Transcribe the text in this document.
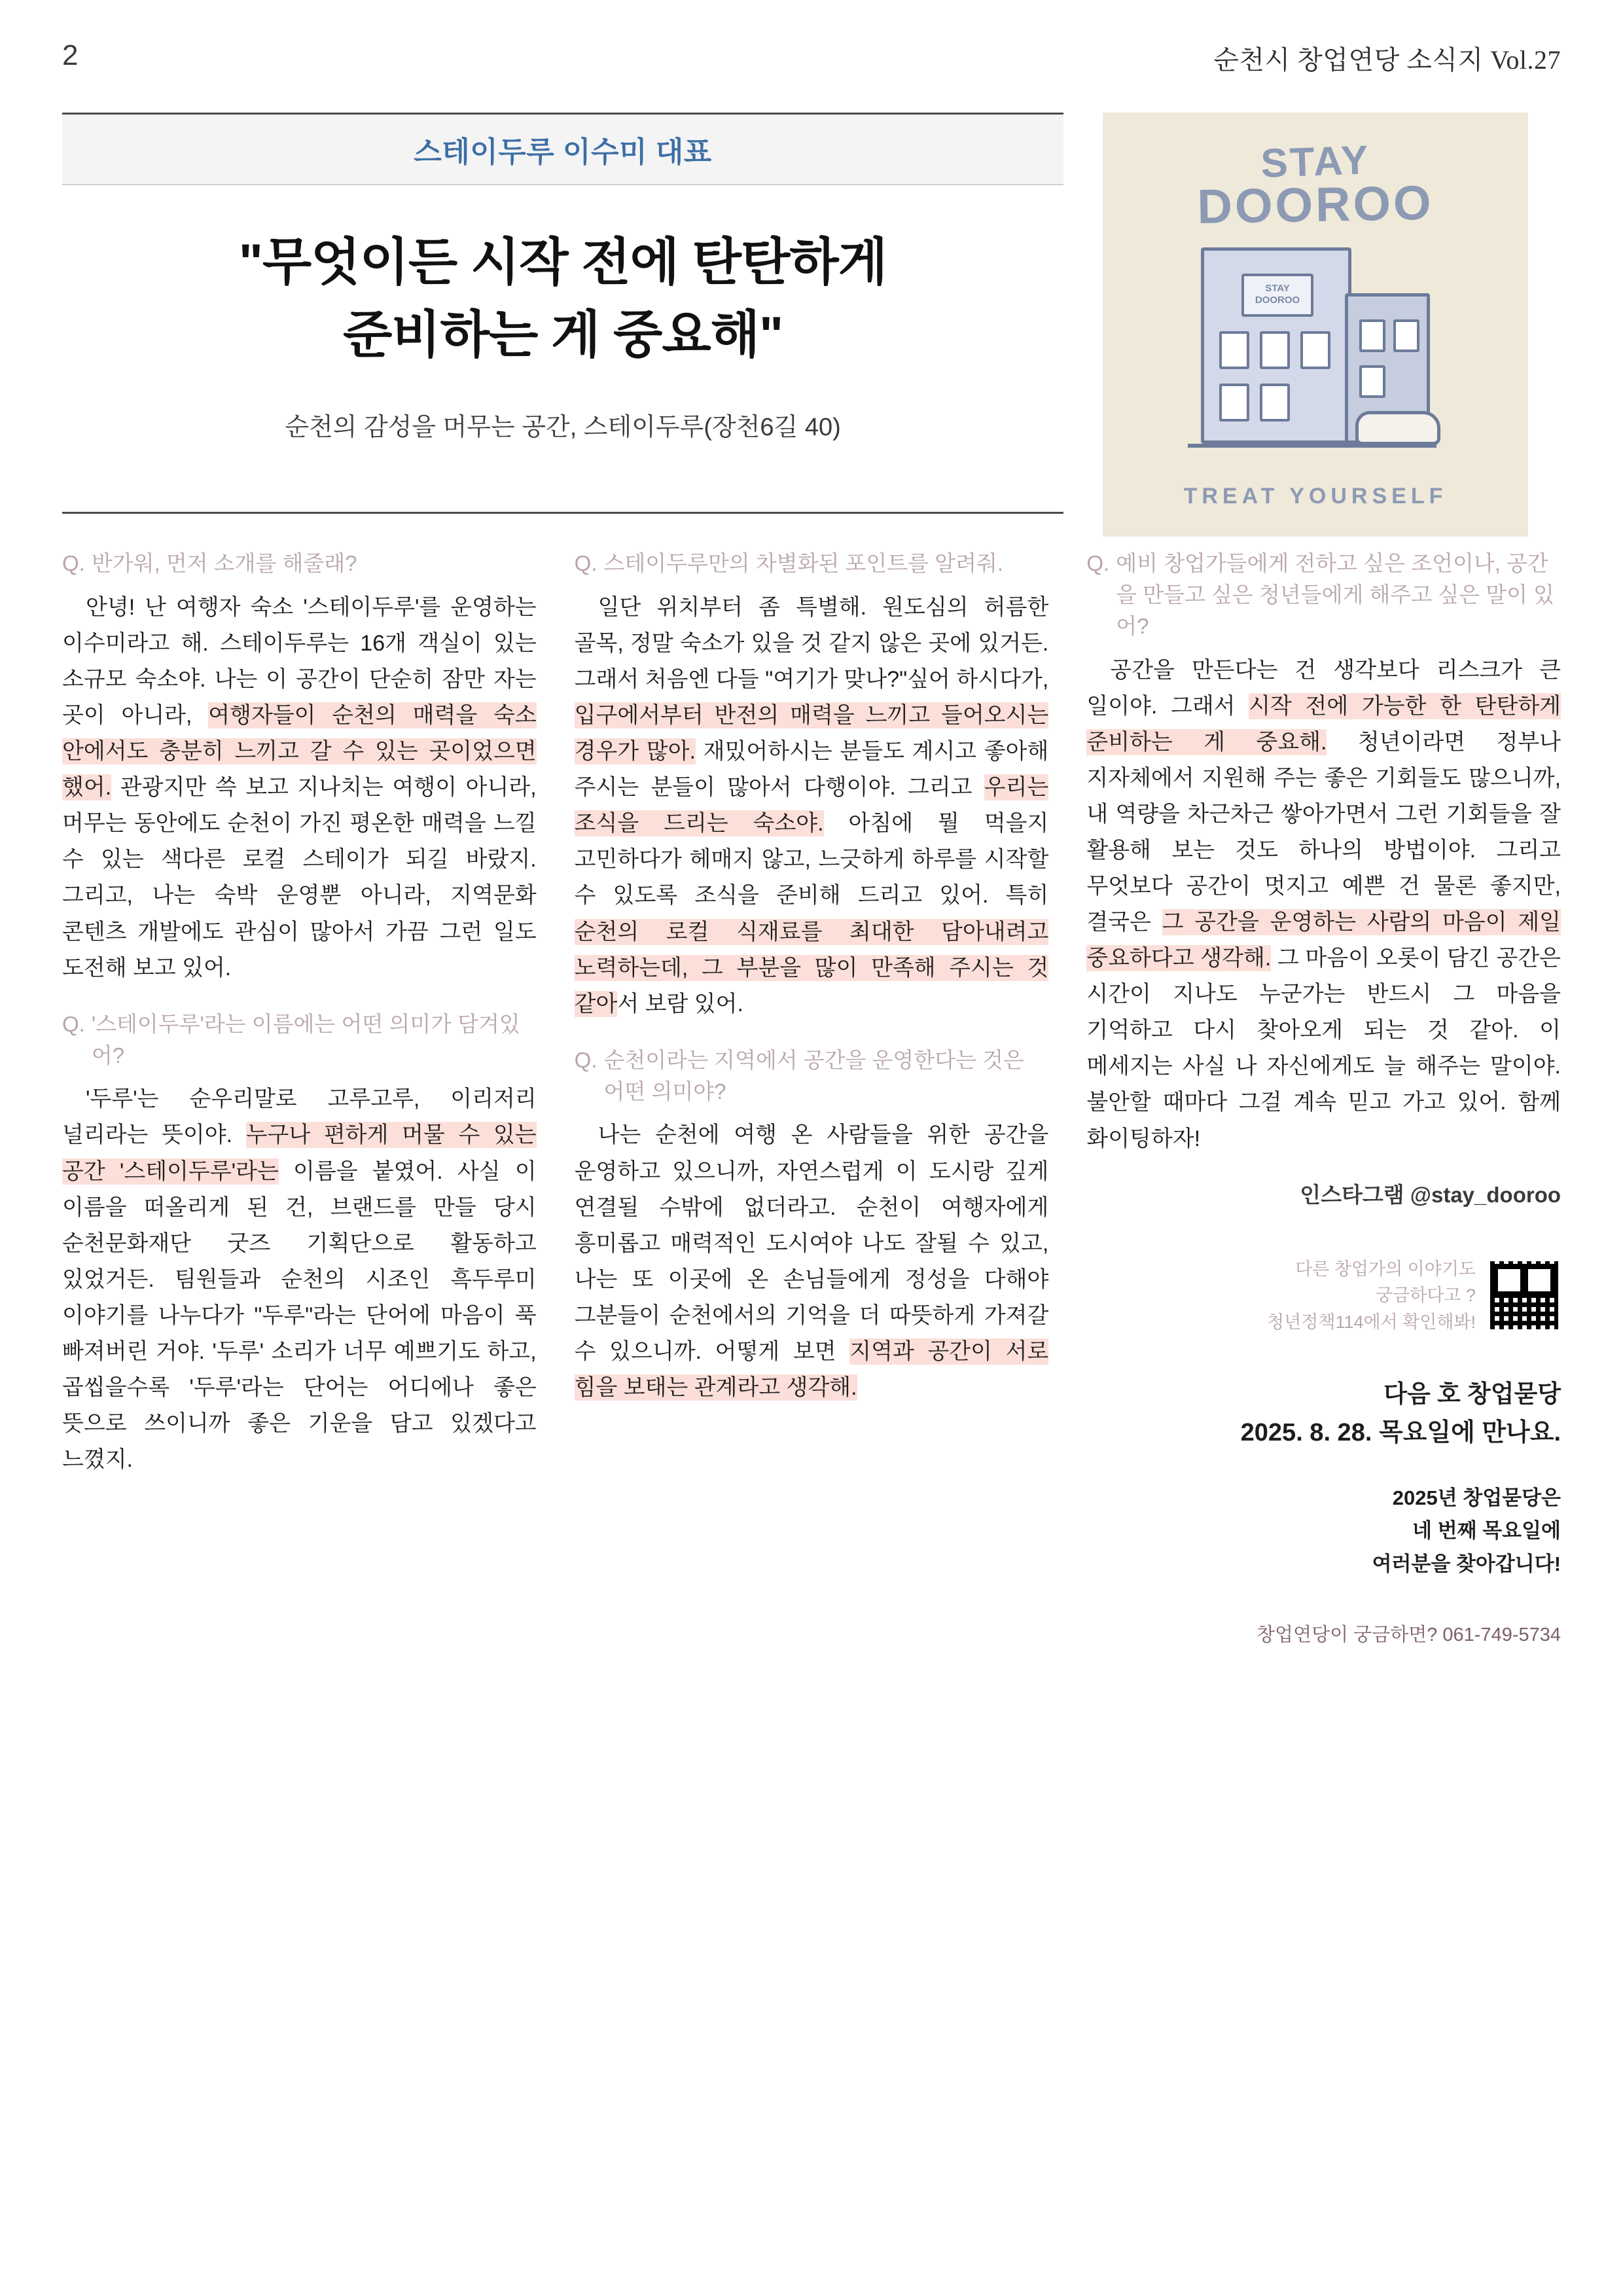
2	순천시 창업연당 소식지 Vol.27
스테이두루 이수미 대표
"무엇이든 시작 전에 탄탄하게
준비하는 게 중요해"
순천의 감성을 머무는 공간, 스테이두루(장천6길 40)
STAY
DOOROO
STAY DOOROO
TREAT YOURSELF
Q. 반가워, 먼저 소개를 해줄래?

안녕! 난 여행자 숙소 '스테이두루'를 운영하는 이수미라고 해. 스테이두루는 16개 객실이 있는 소규모 숙소야. 나는 이 공간이 단순히 잠만 자는 곳이 아니라, 여행자들이 순천의 매력을 숙소 안에서도 충분히 느끼고 갈 수 있는 곳이었으면 했어. 관광지만 쓱 보고 지나치는 여행이 아니라, 머무는 동안에도 순천이 가진 평온한 매력을 느낄 수 있는 색다른 로컬 스테이가 되길 바랐지. 그리고, 나는 숙박 운영뿐 아니라, 지역문화 콘텐츠 개발에도 관심이 많아서 가끔 그런 일도 도전해 보고 있어.

Q. '스테이두루'라는 이름에는 어떤 의미가 담겨있어?

'두루'는 순우리말로 고루고루, 이리저리 널리라는 뜻이야. 누구나 편하게 머물 수 있는 공간 '스테이두루'라는 이름을 붙였어. 사실 이 이름을 떠올리게 된 건, 브랜드를 만들 당시 순천문화재단 굿즈 기획단으로 활동하고 있었거든. 팀원들과 순천의 시조인 흑두루미 이야기를 나누다가 "두루"라는 단어에 마음이 푹 빠져버린 거야. '두루' 소리가 너무 예쁘기도 하고, 곱씹을수록 '두루'라는 단어는 어디에나 좋은 뜻으로 쓰이니까 좋은 기운을 담고 있겠다고 느꼈지.

Q. 스테이두루만의 차별화된 포인트를 알려줘.

일단 위치부터 좀 특별해. 원도심의 허름한 골목, 정말 숙소가 있을 것 같지 않은 곳에 있거든. 그래서 처음엔 다들 "여기가 맞나?"싶어 하시다가, 입구에서부터 반전의 매력을 느끼고 들어오시는 경우가 많아. 재밌어하시는 분들도 계시고 좋아해 주시는 분들이 많아서 다행이야. 그리고 우리는 조식을 드리는 숙소야. 아침에 뭘 먹을지 고민하다가 헤매지 않고, 느긋하게 하루를 시작할 수 있도록 조식을 준비해 드리고 있어. 특히 순천의 로컬 식재료를 최대한 담아내려고 노력하는데, 그 부분을 많이 만족해 주시는 것 같아서 보람 있어.

Q. 순천이라는 지역에서 공간을 운영한다는 것은 어떤 의미야?

나는 순천에 여행 온 사람들을 위한 공간을 운영하고 있으니까, 자연스럽게 이 도시랑 깊게 연결될 수밖에 없더라고. 순천이 여행자에게 흥미롭고 매력적인 도시여야 나도 잘될 수 있고, 나는 또 이곳에 온 손님들에게 정성을 다해야 그분들이 순천에서의 기억을 더 따뜻하게 가져갈 수 있으니까. 어떻게 보면 지역과 공간이 서로 힘을 보태는 관계라고 생각해.

Q. 예비 창업가들에게 전하고 싶은 조언이나, 공간을 만들고 싶은 청년들에게 해주고 싶은 말이 있어?

공간을 만든다는 건 생각보다 리스크가 큰 일이야. 그래서 시작 전에 가능한 한 탄탄하게 준비하는 게 중요해. 청년이라면 정부나 지자체에서 지원해 주는 좋은 기회들도 많으니까, 내 역량을 차근차근 쌓아가면서 그런 기회들을 잘 활용해 보는 것도 하나의 방법이야. 그리고 무엇보다 공간이 멋지고 예쁜 건 물론 좋지만, 결국은 그 공간을 운영하는 사람의 마음이 제일 중요하다고 생각해. 그 마음이 오롯이 담긴 공간은 시간이 지나도 누군가는 반드시 그 마음을 기억하고 다시 찾아오게 되는 것 같아. 이 메세지는 사실 나 자신에게도 늘 해주는 말이야. 불안할 때마다 그걸 계속 믿고 가고 있어. 함께 화이팅하자!

인스타그램 @stay_dooroo
다른 창업가의 이야기도
궁금하다고 ?
청년정책114에서 확인해봐!
다음 호 창업묻당
2025. 8. 28. 목요일에 만나요.
2025년 창업묻당은
네 번째 목요일에
여러분을 찾아갑니다!
창업연당이 궁금하면? 061-749-5734
